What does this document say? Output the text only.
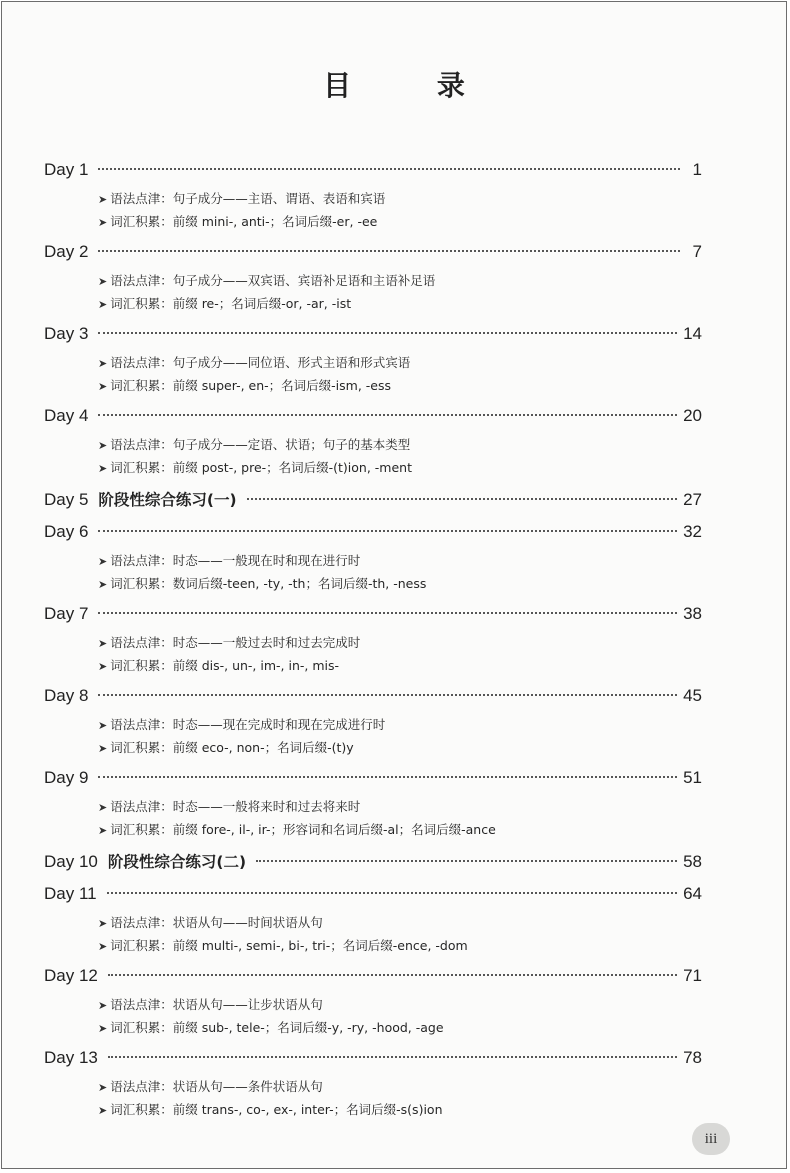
目 录
Day 1	1
➤ 语法点津：句子成分——主语、谓语、表语和宾语
➤ 词汇积累：前缀 mini-, anti-；名词后缀-er, -ee
Day 2	7
➤ 语法点津：句子成分——双宾语、宾语补足语和主语补足语
➤ 词汇积累：前缀 re-；名词后缀-or, -ar, -ist
Day 3	14
➤ 语法点津：句子成分——同位语、形式主语和形式宾语
➤ 词汇积累：前缀 super-, en-；名词后缀-ism, -ess
Day 4	20
➤ 语法点津：句子成分——定语、状语；句子的基本类型
➤ 词汇积累：前缀 post-, pre-；名词后缀-(t)ion, -ment
Day 5 阶段性综合练习(一)	27
Day 6	32
➤ 语法点津：时态——一般现在时和现在进行时
➤ 词汇积累：数词后缀-teen, -ty, -th；名词后缀-th, -ness
Day 7	38
➤ 语法点津：时态——一般过去时和过去完成时
➤ 词汇积累：前缀 dis-, un-, im-, in-, mis-
Day 8	45
➤ 语法点津：时态——现在完成时和现在完成进行时
➤ 词汇积累：前缀 eco-, non-；名词后缀-(t)y
Day 9	51
➤ 语法点津：时态——一般将来时和过去将来时
➤ 词汇积累：前缀 fore-, il-, ir-；形容词和名词后缀-al；名词后缀-ance
Day 10 阶段性综合练习(二)	58
Day 11	64
➤ 语法点津：状语从句——时间状语从句
➤ 词汇积累：前缀 multi-, semi-, bi-, tri-；名词后缀-ence, -dom
Day 12	71
➤ 语法点津：状语从句——让步状语从句
➤ 词汇积累：前缀 sub-, tele-；名词后缀-y, -ry, -hood, -age
Day 13	78
➤ 语法点津：状语从句——条件状语从句
➤ 词汇积累：前缀 trans-, co-, ex-, inter-；名词后缀-s(s)ion
iii
